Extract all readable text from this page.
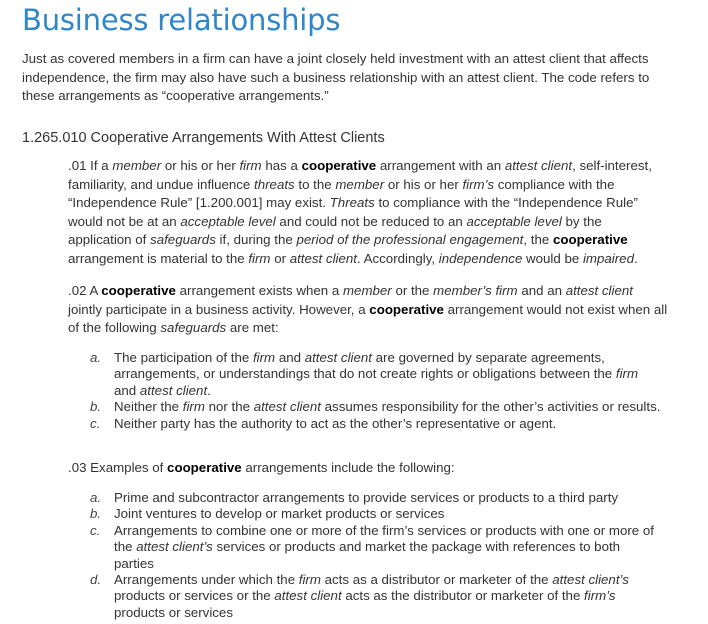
Business relationships

Just as covered members in a firm can have a joint closely held investment with an attest client that affects independence, the firm may also have such a business relationship with an attest client. The code refers to these arrangements as “cooperative arrangements.”

1.265.010 Cooperative Arrangements With Attest Clients

.01 If a member or his or her firm has a cooperative arrangement with an attest client, self-interest, familiarity, and undue influence threats to the member or his or her firm’s compliance with the “Independence Rule” [1.200.001] may exist. Threats to compliance with the “Independence Rule” would not be at an acceptable level and could not be reduced to an acceptable level by the application of safeguards if, during the period of the professional engagement, the cooperative arrangement is material to the firm or attest client. Accordingly, independence would be impaired.

.02 A cooperative arrangement exists when a member or the member’s firm and an attest client jointly participate in a business activity. However, a cooperative arrangement would not exist when all of the following safeguards are met:

a. The participation of the firm and attest client are governed by separate agreements, arrangements, or understandings that do not create rights or obligations between the firm and attest client.
b. Neither the firm nor the attest client assumes responsibility for the other’s activities or results.
c. Neither party has the authority to act as the other’s representative or agent.

.03 Examples of cooperative arrangements include the following:

a. Prime and subcontractor arrangements to provide services or products to a third party
b. Joint ventures to develop or market products or services
c. Arrangements to combine one or more of the firm’s services or products with one or more of the attest client’s services or products and market the package with references to both parties
d. Arrangements under which the firm acts as a distributor or marketer of the attest client’s products or services or the attest client acts as the distributor or marketer of the firm’s products or services
